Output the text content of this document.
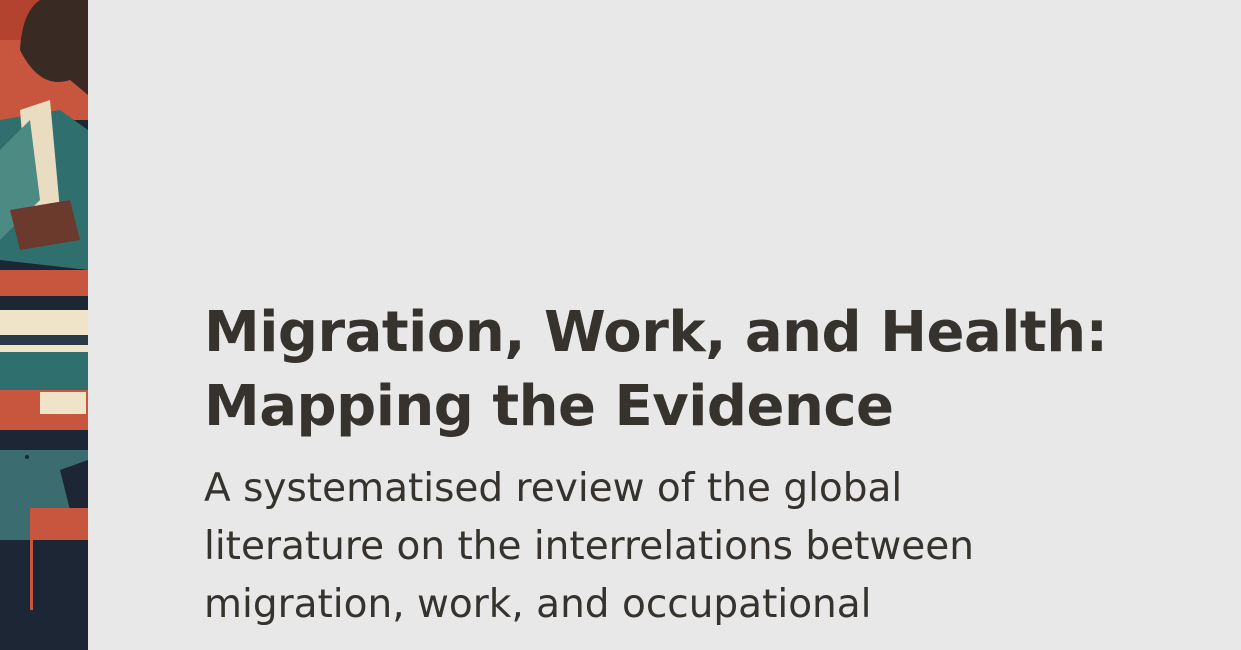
Migration, Work, and Health: Mapping the Evidence

A systematised review of the global literature on the interrelations between migration, work, and occupational
